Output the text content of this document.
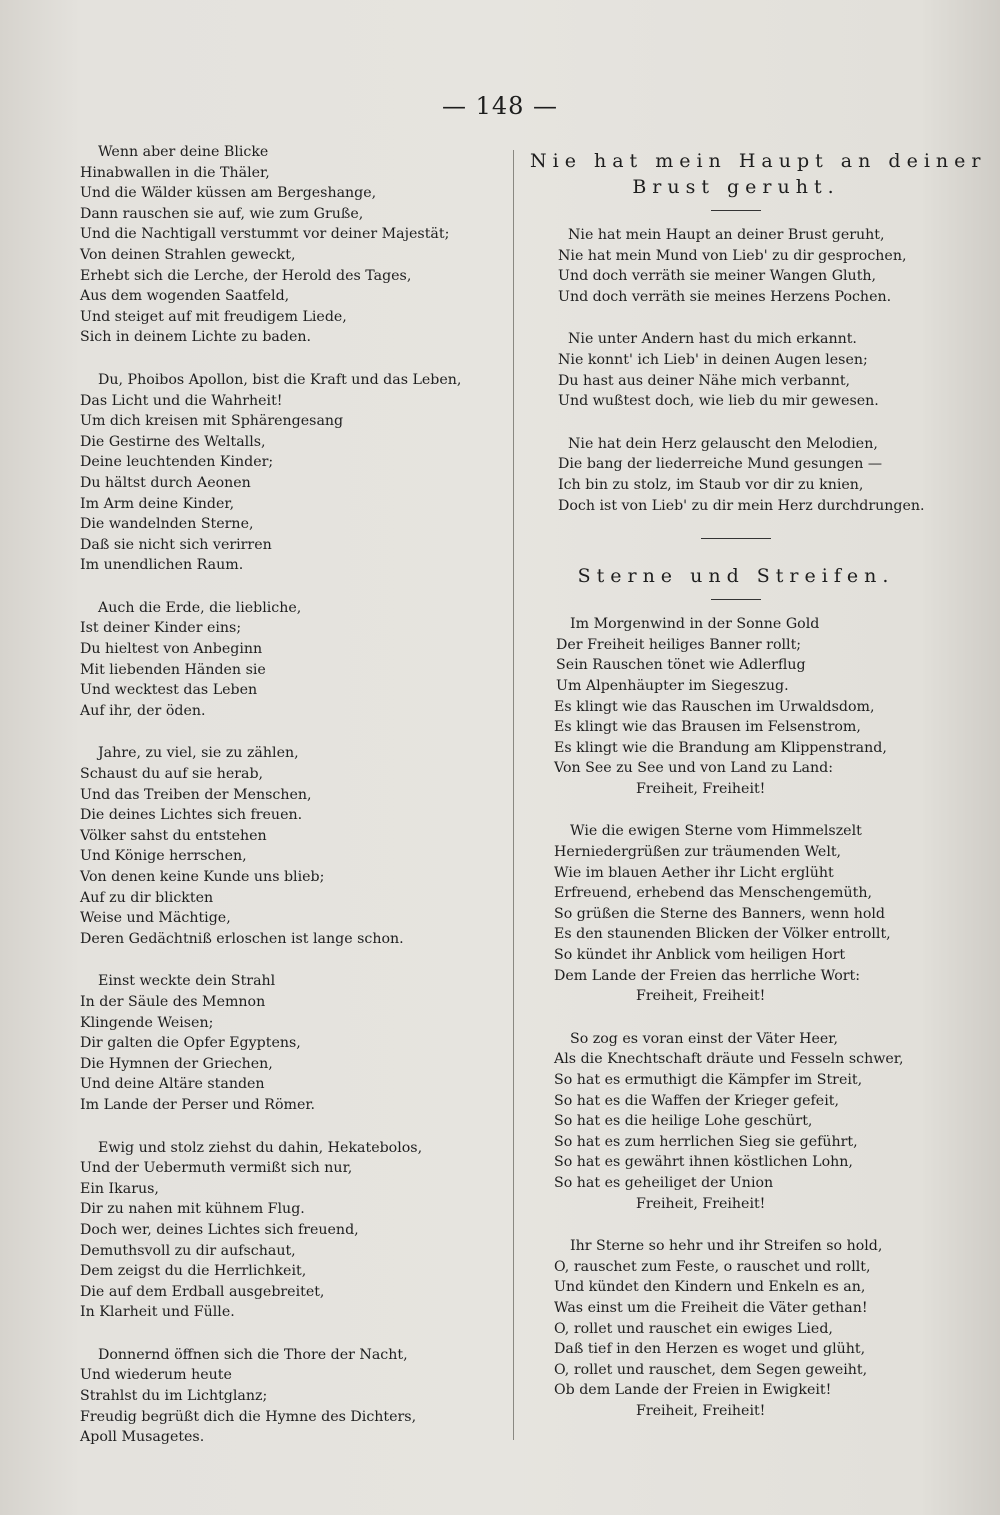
— 148 —
Wenn aber deine Blicke
Hinabwallen in die Thäler,
Und die Wälder küssen am Bergeshange,
Dann rauschen sie auf, wie zum Gruße,
Und die Nachtigall verstummt vor deiner Majestät;
Von deinen Strahlen geweckt,
Erhebt sich die Lerche, der Herold des Tages,
Aus dem wogenden Saatfeld,
Und steiget auf mit freudigem Liede,
Sich in deinem Lichte zu baden.
Du, Phoibos Apollon, bist die Kraft und das Leben,
Das Licht und die Wahrheit!
Um dich kreisen mit Sphärengesang
Die Gestirne des Weltalls,
Deine leuchtenden Kinder;
Du hältst durch Aeonen
Im Arm deine Kinder,
Die wandelnden Sterne,
Daß sie nicht sich verirren
Im unendlichen Raum.
Auch die Erde, die liebliche,
Ist deiner Kinder eins;
Du hieltest von Anbeginn
Mit liebenden Händen sie
Und wecktest das Leben
Auf ihr, der öden.
Jahre, zu viel, sie zu zählen,
Schaust du auf sie herab,
Und das Treiben der Menschen,
Die deines Lichtes sich freuen.
Völker sahst du entstehen
Und Könige herrschen,
Von denen keine Kunde uns blieb;
Auf zu dir blickten
Weise und Mächtige,
Deren Gedächtniß erloschen ist lange schon.
Einst weckte dein Strahl
In der Säule des Memnon
Klingende Weisen;
Dir galten die Opfer Egyptens,
Die Hymnen der Griechen,
Und deine Altäre standen
Im Lande der Perser und Römer.
Ewig und stolz ziehst du dahin, Hekatebolos,
Und der Uebermuth vermißt sich nur,
Ein Ikarus,
Dir zu nahen mit kühnem Flug.
Doch wer, deines Lichtes sich freuend,
Demuthsvoll zu dir aufschaut,
Dem zeigst du die Herrlichkeit,
Die auf dem Erdball ausgebreitet,
In Klarheit und Fülle.
Donnernd öffnen sich die Thore der Nacht,
Und wiederum heute
Strahlst du im Lichtglanz;
Freudig begrüßt dich die Hymne des Dichters,
Apoll Musagetes.
Nie hat mein Haupt an deiner
Brust geruht.
Nie hat mein Haupt an deiner Brust geruht,
Nie hat mein Mund von Lieb' zu dir gesprochen,
Und doch verräth sie meiner Wangen Gluth,
Und doch verräth sie meines Herzens Pochen.
Nie unter Andern hast du mich erkannt.
Nie konnt' ich Lieb' in deinen Augen lesen;
Du hast aus deiner Nähe mich verbannt,
Und wußtest doch, wie lieb du mir gewesen.
Nie hat dein Herz gelauscht den Melodien,
Die bang der liederreiche Mund gesungen —
Ich bin zu stolz, im Staub vor dir zu knien,
Doch ist von Lieb' zu dir mein Herz durchdrungen.
Sterne und Streifen.
Im Morgenwind in der Sonne Gold
Der Freiheit heiliges Banner rollt;
Sein Rauschen tönet wie Adlerflug
Um Alpenhäupter im Siegeszug.
Es klingt wie das Rauschen im Urwaldsdom,
Es klingt wie das Brausen im Felsenstrom,
Es klingt wie die Brandung am Klippenstrand,
Von See zu See und von Land zu Land:
Freiheit, Freiheit!
Wie die ewigen Sterne vom Himmelszelt
Herniedergrüßen zur träumenden Welt,
Wie im blauen Aether ihr Licht erglüht
Erfreuend, erhebend das Menschengemüth,
So grüßen die Sterne des Banners, wenn hold
Es den staunenden Blicken der Völker entrollt,
So kündet ihr Anblick vom heiligen Hort
Dem Lande der Freien das herrliche Wort:
Freiheit, Freiheit!
So zog es voran einst der Väter Heer,
Als die Knechtschaft dräute und Fesseln schwer,
So hat es ermuthigt die Kämpfer im Streit,
So hat es die Waffen der Krieger gefeit,
So hat es die heilige Lohe geschürt,
So hat es zum herrlichen Sieg sie geführt,
So hat es gewährt ihnen köstlichen Lohn,
So hat es geheiliget der Union
Freiheit, Freiheit!
Ihr Sterne so hehr und ihr Streifen so hold,
O, rauschet zum Feste, o rauschet und rollt,
Und kündet den Kindern und Enkeln es an,
Was einst um die Freiheit die Väter gethan!
O, rollet und rauschet ein ewiges Lied,
Daß tief in den Herzen es woget und glüht,
O, rollet und rauschet, dem Segen geweiht,
Ob dem Lande der Freien in Ewigkeit!
Freiheit, Freiheit!
